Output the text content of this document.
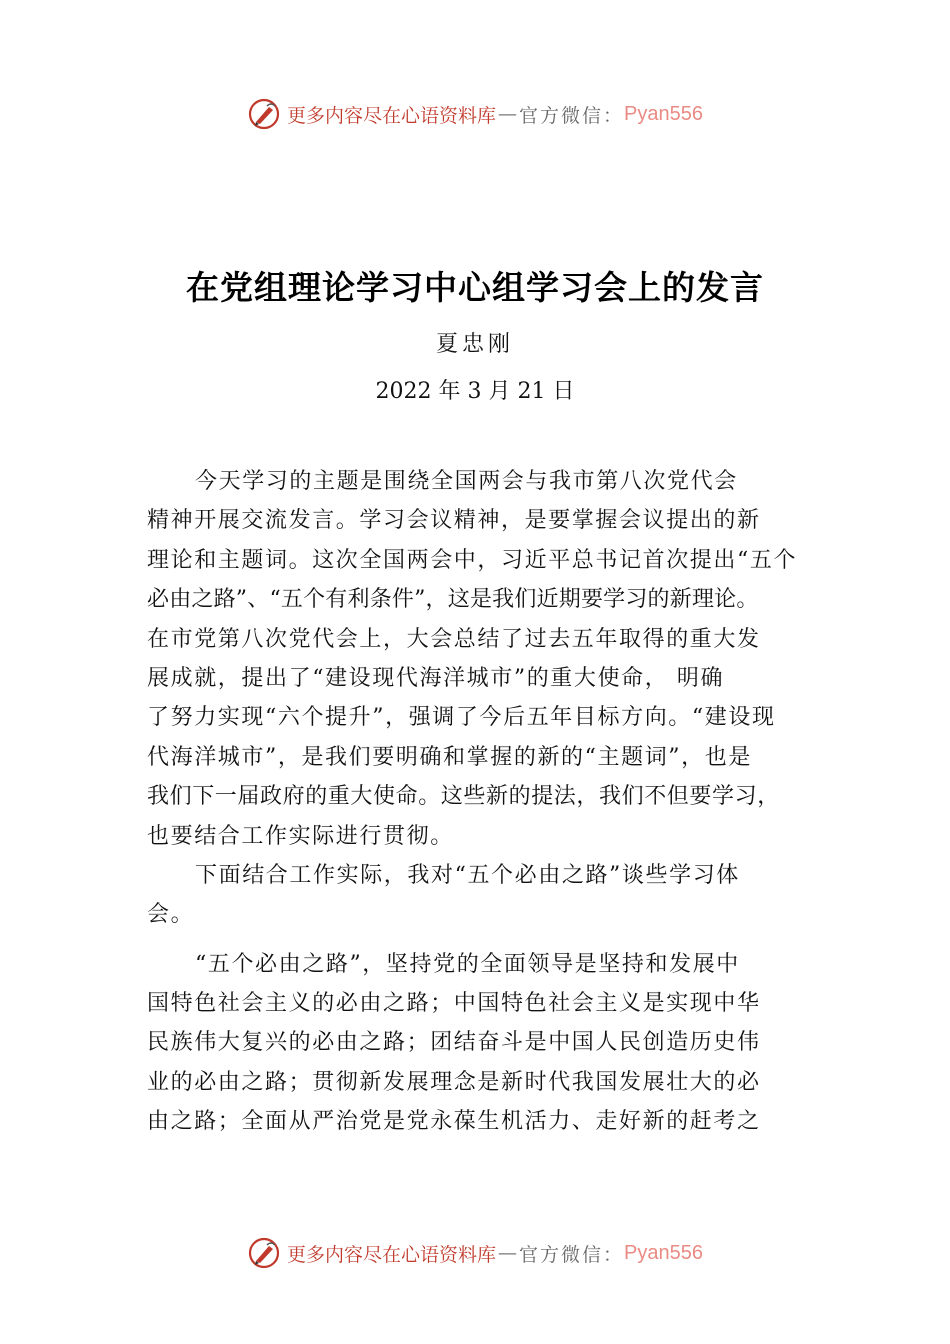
更多内容尽在心语资料库 — 官方微信： Pyan556
在党组理论学习中心组学习会上的发言
夏忠刚
2022 年 3 月 21 日
今天学习的主题是围绕全国两会与我市第八次党代会
精神开展交流发言。学习会议精神，是要掌握会议提出的新
理论和主题词。这次全国两会中，习近平总书记首次提出“五个
必由之路”、“五个有利条件”，这是我们近期要学习的新理论。
在市党第八次党代会上，大会总结了过去五年取得的重大发
展成就，提出了“建设现代海洋城市”的重大使命， 明确
了努力实现“六个提升”，强调了今后五年目标方向。“建设现
代海洋城市”，是我们要明确和掌握的新的“主题词”，也是
我们下一届政府的重大使命。这些新的提法，我们不但要学习，
也要结合工作实际进行贯彻。
下面结合工作实际，我对“五个必由之路”谈些学习体
会。
“五个必由之路”，坚持党的全面领导是坚持和发展中
国特色社会主义的必由之路；中国特色社会主义是实现中华
民族伟大复兴的必由之路；团结奋斗是中国人民创造历史伟
业的必由之路；贯彻新发展理念是新时代我国发展壮大的必
由之路；全面从严治党是党永葆生机活力、走好新的赶考之
更多内容尽在心语资料库 — 官方微信： Pyan556
